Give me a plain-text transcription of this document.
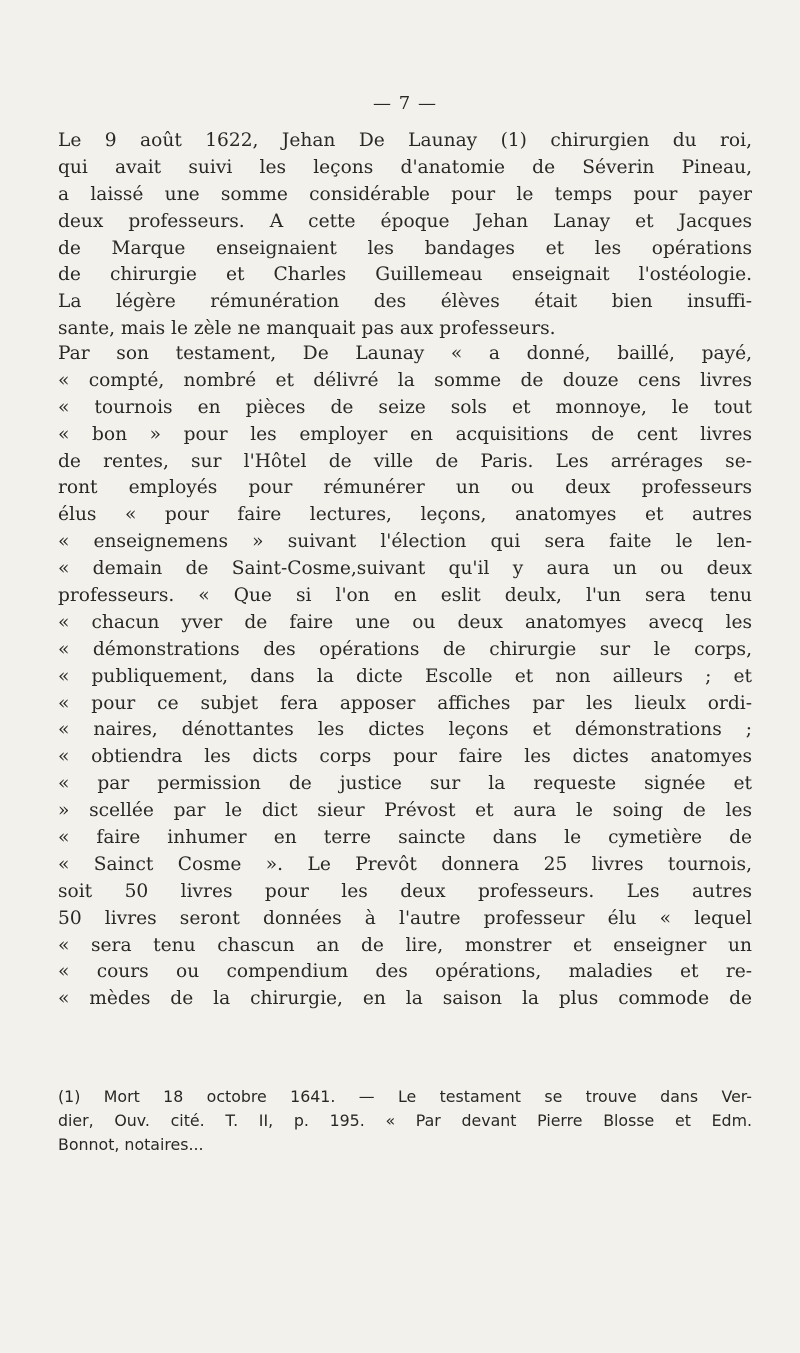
— 7 —
Le 9 août 1622, Jehan De Launay (1) chirurgien du roi,
qui avait suivi les leçons d'anatomie de Séverin Pineau,
a laissé une somme considérable pour le temps pour payer
deux professeurs. A cette époque Jehan Lanay et Jacques
de Marque enseignaient les bandages et les opérations
de chirurgie et Charles Guillemeau enseignait l'ostéologie.
La légère rémunération des élèves était bien insuffi-
sante, mais le zèle ne manquait pas aux professeurs.
Par son testament, De Launay « a donné, baillé, payé,
« compté, nombré et délivré la somme de douze cens livres
« tournois en pièces de seize sols et monnoye, le tout
« bon » pour les employer en acquisitions de cent livres
de rentes, sur l'Hôtel de ville de Paris. Les arrérages se-
ront employés pour rémunérer un ou deux professeurs
élus « pour faire lectures, leçons, anatomyes et autres
« enseignemens » suivant l'élection qui sera faite le len-
« demain de Saint-Cosme,suivant qu'il y aura un ou deux
professeurs. « Que si l'on en eslit deulx, l'un sera tenu
« chacun yver de faire une ou deux anatomyes avecq les
« démonstrations des opérations de chirurgie sur le corps,
« publiquement, dans la dicte Escolle et non ailleurs ; et
« pour ce subjet fera apposer affiches par les lieulx ordi-
« naires, dénottantes les dictes leçons et démonstrations ;
« obtiendra les dicts corps pour faire les dictes anatomyes
« par permission de justice sur la requeste signée et
» scellée par le dict sieur Prévost et aura le soing de les
« faire inhumer en terre saincte dans le cymetière de
« Sainct Cosme ». Le Prevôt donnera 25 livres tournois,
soit 50 livres pour les deux professeurs. Les autres
50 livres seront données à l'autre professeur élu « lequel
« sera tenu chascun an de lire, monstrer et enseigner un
« cours ou compendium des opérations, maladies et re-
« mèdes de la chirurgie, en la saison la plus commode de
(1) Mort 18 octobre 1641. — Le testament se trouve dans Ver-
dier, Ouv. cité. T. II, p. 195. « Par devant Pierre Blosse et Edm.
Bonnot, notaires...
